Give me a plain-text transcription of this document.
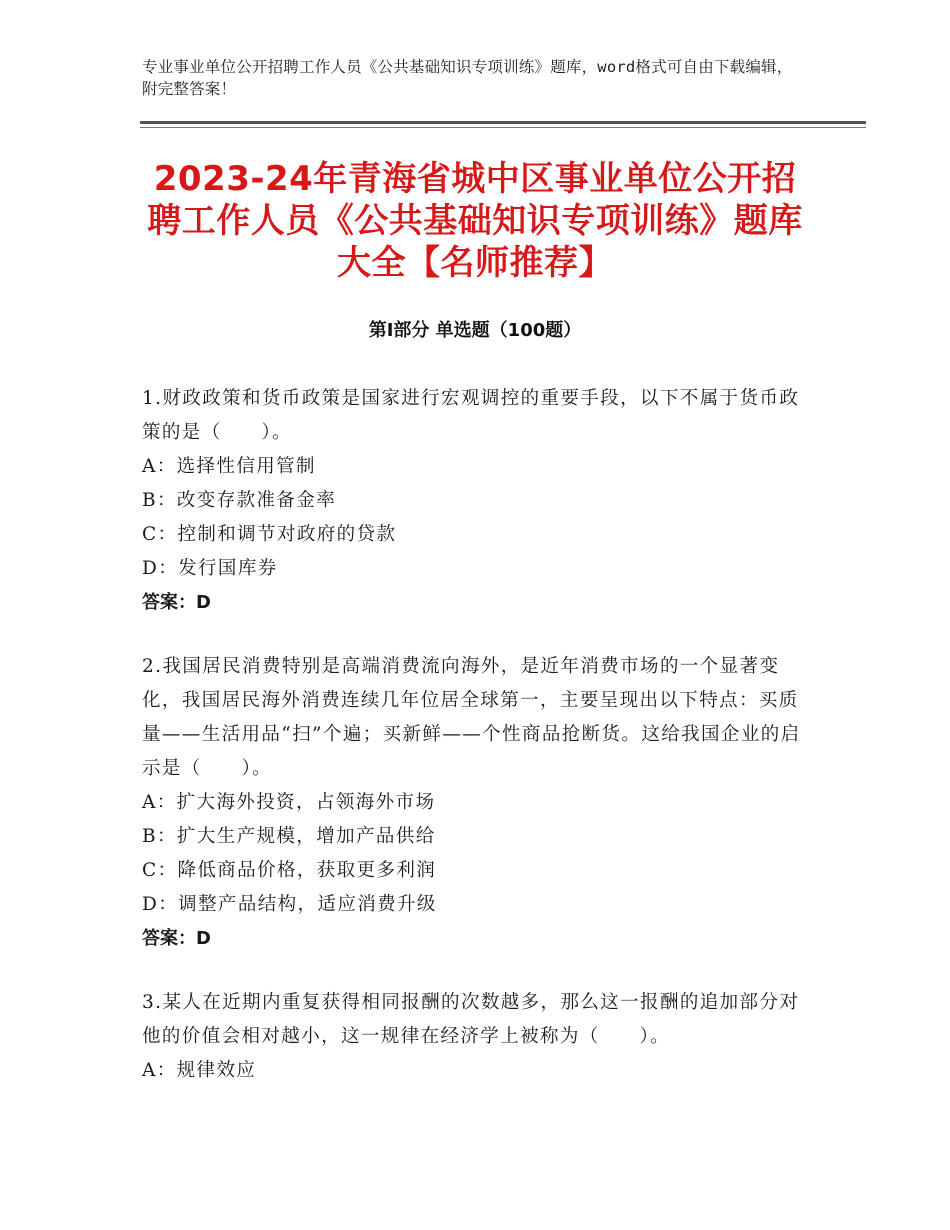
专业事业单位公开招聘工作人员《公共基础知识专项训练》题库，word格式可自由下载编辑，附完整答案！
2023-24年青海省城中区事业单位公开招聘工作人员《公共基础知识专项训练》题库大全【名师推荐】
第Ⅰ部分 单选题（100题）

1.财政政策和货币政策是国家进行宏观调控的重要手段，以下不属于货币政策的是（　　）。

A：选择性信用管制

B：改变存款准备金率

C：控制和调节对政府的贷款

D：发行国库券

答案：D

2.我国居民消费特别是高端消费流向海外，是近年消费市场的一个显著变化，我国居民海外消费连续几年位居全球第一，主要呈现出以下特点：买质量——生活用品“扫”个遍；买新鲜——个性商品抢断货。这给我国企业的启示是（　　）。

A：扩大海外投资，占领海外市场

B：扩大生产规模，增加产品供给

C：降低商品价格，获取更多利润

D：调整产品结构，适应消费升级

答案：D

3.某人在近期内重复获得相同报酬的次数越多，那么这一报酬的追加部分对他的价值会相对越小，这一规律在经济学上被称为（　　）。

A：规律效应
